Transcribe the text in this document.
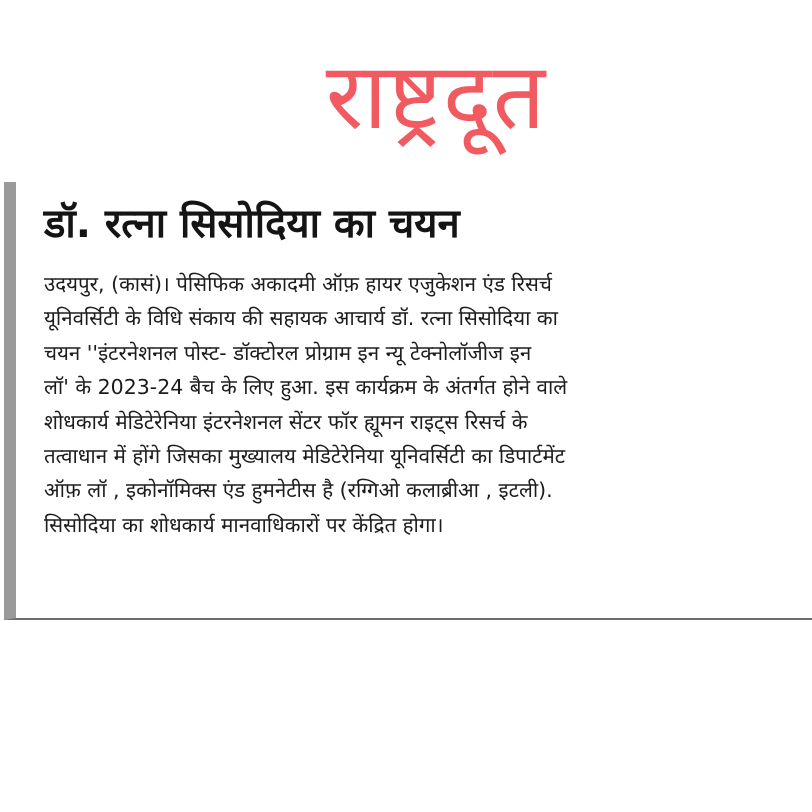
राष्ट्रदूत
डॉ. रत्ना सिसोदिया का चयन
उदयपुर, (कासं)। पेसिफिक अकादमी ऑफ़ हायर एजुकेशन एंड रिसर्च
यूनिवर्सिटी के विधि संकाय की सहायक आचार्य डॉ. रत्ना सिसोदिया का
चयन ''इंटरनेशनल पोस्ट- डॉक्टोरल प्रोग्राम इन न्यू टेक्नोलॉजीज इन
लॉ' के 2023-24 बैच के लिए हुआ. इस कार्यक्रम के अंतर्गत होने वाले
शोधकार्य मेडिटेरेनिया इंटरनेशनल सेंटर फॉर ह्यूमन राइट्स रिसर्च के
तत्वाधान में होंगे जिसका मुख्यालय मेडिटेरेनिया यूनिवर्सिटी का डिपार्टमेंट
ऑफ़ लॉ , इकोनॉमिक्स एंड हुमनेटीस है (रग्गिओ कलाब्रीआ , इटली).
सिसोदिया का शोधकार्य मानवाधिकारों पर केंद्रित होगा।
